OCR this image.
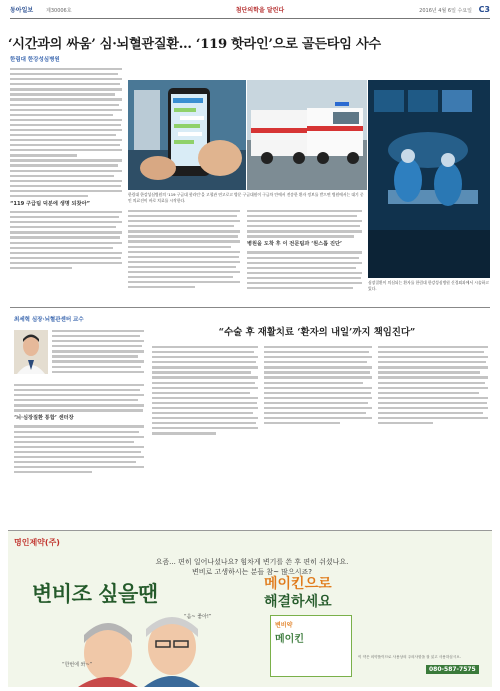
동아일보	제30006호	첨단의학을 달린다	2016년 4월 6일 수요일 C3
‘시간과의 싸움’ 심·뇌혈관질환… ‘119 핫라인’으로 골든타임 사수
한림대 한강성심병원
“119 구급팀 덕분에 생명 되찾아”
한림대 한강성심병원의 ‘119 구급대 핫라인’을 고혈관 연고로고 방문 구급대원이 구급차 안에서 전송한 환자 정보를 받으면 병원에서는 대기 중인 의료진이 바로 치료를 시작한다.
심장질환이 의심되는 환자를 한림대 한강성심병원 신경외과에서 시술하고 있다.
병원을 도착 후 이 전문팀과 ‘원스톱 진단’
최세혁 심장·뇌혈관센터 교수
‘뇌·심장질환 통합’ 센터장
“수술 후 재활치료 ‘환자의 내일’까지 책임진다”
명인제약(주)
요즘... 편히 일어나셨나요? 힘차게 변기를 쓴 후 편히 쉬셨나요.
변비로 고생하시는 분들 참~ 많으시죠?
변비조 싶을땐
“음~ 좋아!”
“한번에 쏴~”
메이킨으로
해결하세요
변비약
메이킨
이 약은 의약품이므로 사용상의 주의사항을 잘 읽고 사용하십시오.
080-587-7575
